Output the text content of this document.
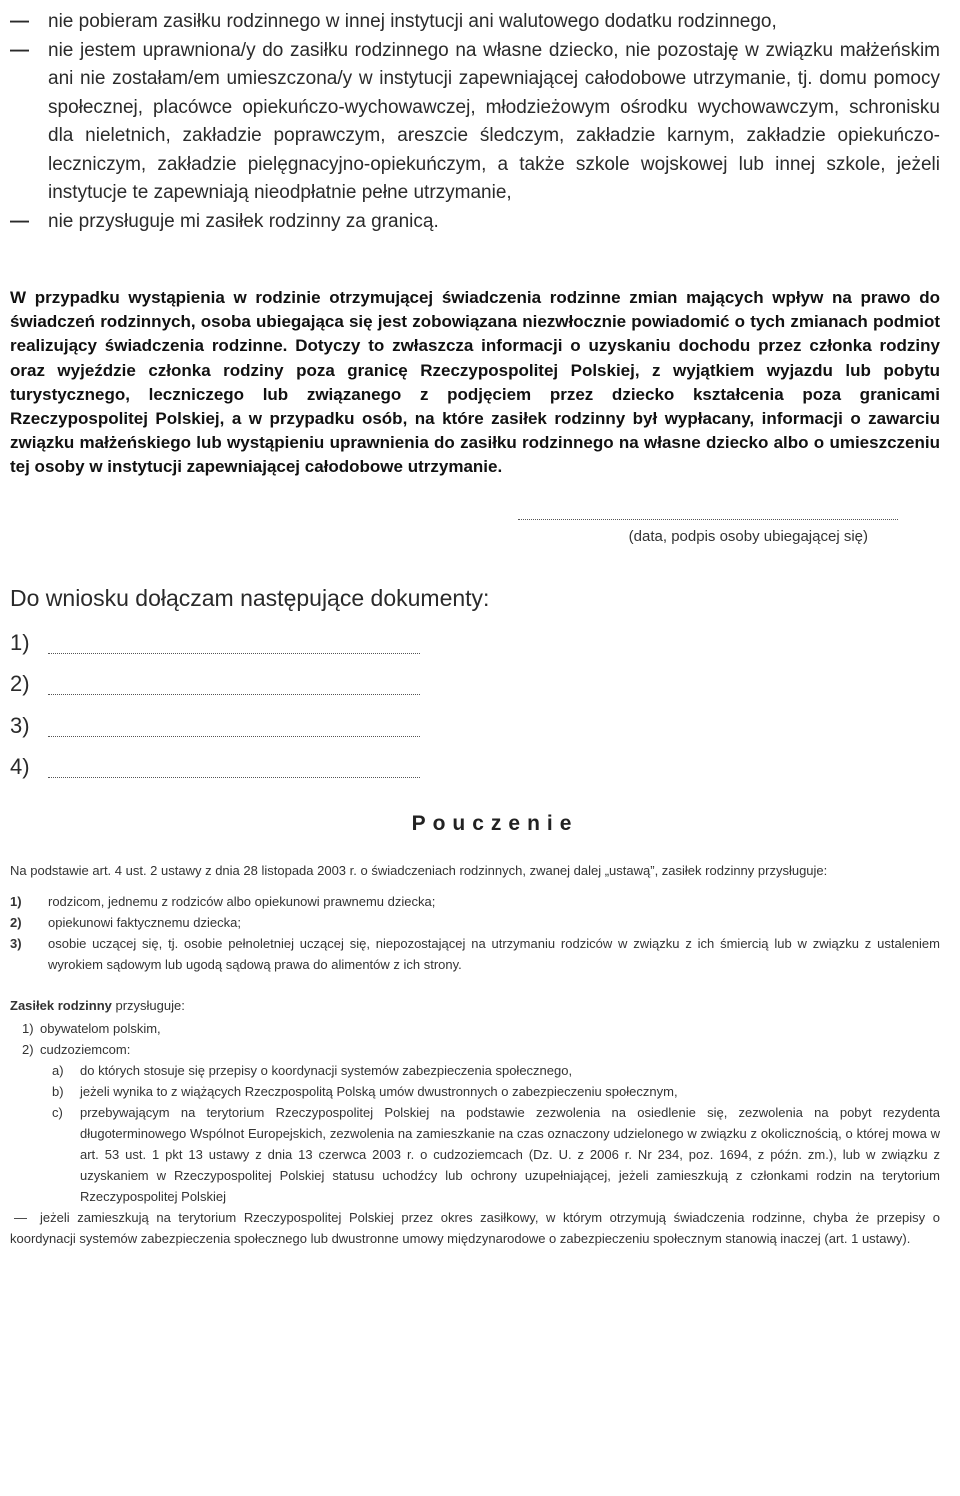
— nie pobieram zasiłku rodzinnego w innej instytucji ani walutowego dodatku rodzinnego,
— nie jestem uprawniona/y do zasiłku rodzinnego na własne dziecko, nie pozostaję w związku małżeńskim ani nie zostałam/em umieszczona/y w instytucji zapewniającej całodobowe utrzymanie, tj. domu pomocy społecznej, placówce opiekuńczo-wychowawczej, młodzieżowym ośrodku wychowawczym, schronisku dla nieletnich, zakładzie poprawczym, areszcie śledczym, zakładzie karnym, zakładzie opiekuńczo-leczniczym, zakładzie pielęgnacyjno-opiekuńczym, a także szkole wojskowej lub innej szkole, jeżeli instytucje te zapewniają nieodpłatnie pełne utrzymanie,
— nie przysługuje mi zasiłek rodzinny za granicą.
W przypadku wystąpienia w rodzinie otrzymującej świadczenia rodzinne zmian mających wpływ na prawo do świadczeń rodzinnych, osoba ubiegająca się jest zobowiązana niezwłocznie powiadomić o tych zmianach podmiot realizujący świadczenia rodzinne. Dotyczy to zwłaszcza informacji o uzyskaniu dochodu przez członka rodziny oraz wyjeździe członka rodziny poza granicę Rzeczypospolitej Polskiej, z wyjątkiem wyjazdu lub pobytu turystycznego, leczniczego lub związanego z podjęciem przez dziecko kształcenia poza granicami Rzeczypospolitej Polskiej, a w przypadku osób, na które zasiłek rodzinny był wypłacany, informacji o zawarciu związku małżeńskiego lub wystąpieniu uprawnienia do zasiłku rodzinnego na własne dziecko albo o umieszczeniu tej osoby w instytucji zapewniającej całodobowe utrzymanie.
(data, podpis osoby ubiegającej się)
Do wniosku dołączam następujące dokumenty:
1)
2)
3)
4)
Pouczenie
Na podstawie art. 4 ust. 2 ustawy z dnia 28 listopada 2003 r. o świadczeniach rodzinnych, zwanej dalej „ustawą”, zasiłek rodzinny przysługuje:
1) rodzicom, jednemu z rodziców albo opiekunowi prawnemu dziecka;
2) opiekunowi faktycznemu dziecka;
3) osobie uczącej się, tj. osobie pełnoletniej uczącej się, niepozostającej na utrzymaniu rodziców w związku z ich śmiercią lub w związku z ustaleniem wyrokiem sądowym lub ugodą sądową prawa do alimentów z ich strony.
Zasiłek rodzinny przysługuje:
1) obywatelom polskim,
2) cudzoziemcom:
a) do których stosuje się przepisy o koordynacji systemów zabezpieczenia społecznego,
b) jeżeli wynika to z wiążących Rzeczpospolitą Polską umów dwustronnych o zabezpieczeniu społecznym,
c) przebywającym na terytorium Rzeczypospolitej Polskiej na podstawie zezwolenia na osiedlenie się, zezwolenia na pobyt rezydenta długoterminowego Wspólnot Europejskich, zezwolenia na zamieszkanie na czas oznaczony udzielonego w związku z okolicznością, o której mowa w art. 53 ust. 1 pkt 13 ustawy z dnia 13 czerwca 2003 r. o cudzoziemcach (Dz. U. z 2006 r. Nr 234, poz. 1694, z późn. zm.), lub w związku z uzyskaniem w Rzeczypospolitej Polskiej statusu uchodźcy lub ochrony uzupełniającej, jeżeli zamieszkują z członkami rodzin na terytorium Rzeczypospolitej Polskiej
— jeżeli zamieszkują na terytorium Rzeczypospolitej Polskiej przez okres zasiłkowy, w którym otrzymują świadczenia rodzinne, chyba że przepisy o koordynacji systemów zabezpieczenia społecznego lub dwustronne umowy międzynarodowe o zabezpieczeniu społecznym stanowią inaczej (art. 1 ustawy).
